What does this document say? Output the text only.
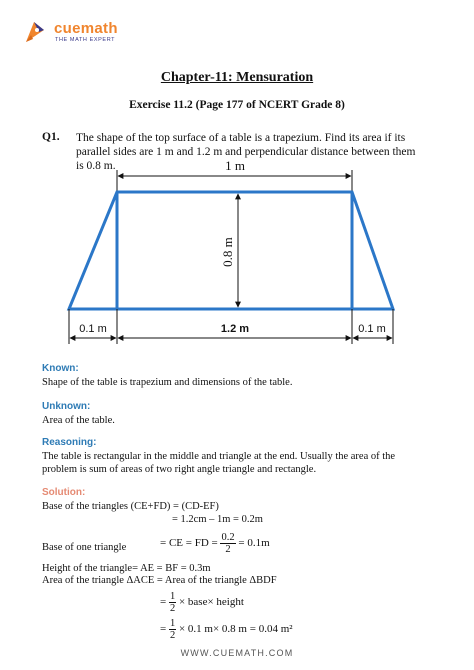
cuemath
THE MATH EXPERT
Chapter-11: Mensuration
Exercise 11.2 (Page 177 of NCERT Grade 8)
Q1. The shape of the top surface of a table is a trapezium. Find its area if its parallel sides are 1 m and 1.2 m and perpendicular distance between them is 0.8 m.	1 m
0.8 m
0.1 m	1.2 m	0.1 m
Known:
Shape of the table is trapezium and dimensions of the table.
Unknown:
Area of the table.
Reasoning:
The table is rectangular in the middle and triangle at the end. Usually the area of the problem is sum of areas of two right angle triangle and rectangle.
Solution:
Base of the triangles (CE+FD) = (CD-EF)
= 1.2cm – 1m = 0.2m
Base of one triangle	= CE = FD = $\frac{0.2}{2} = 0.1m$
Height of the triangle= AE = BF = 0.3m
Area of the triangle ΔACE = Area of the triangle ΔBDF
= $\frac{1}{2}$ × base× height
= $\frac{1}{2} \times 0.1$ m× 0.8 m = 0.04 m²
WWW.CUEMATH.COM
